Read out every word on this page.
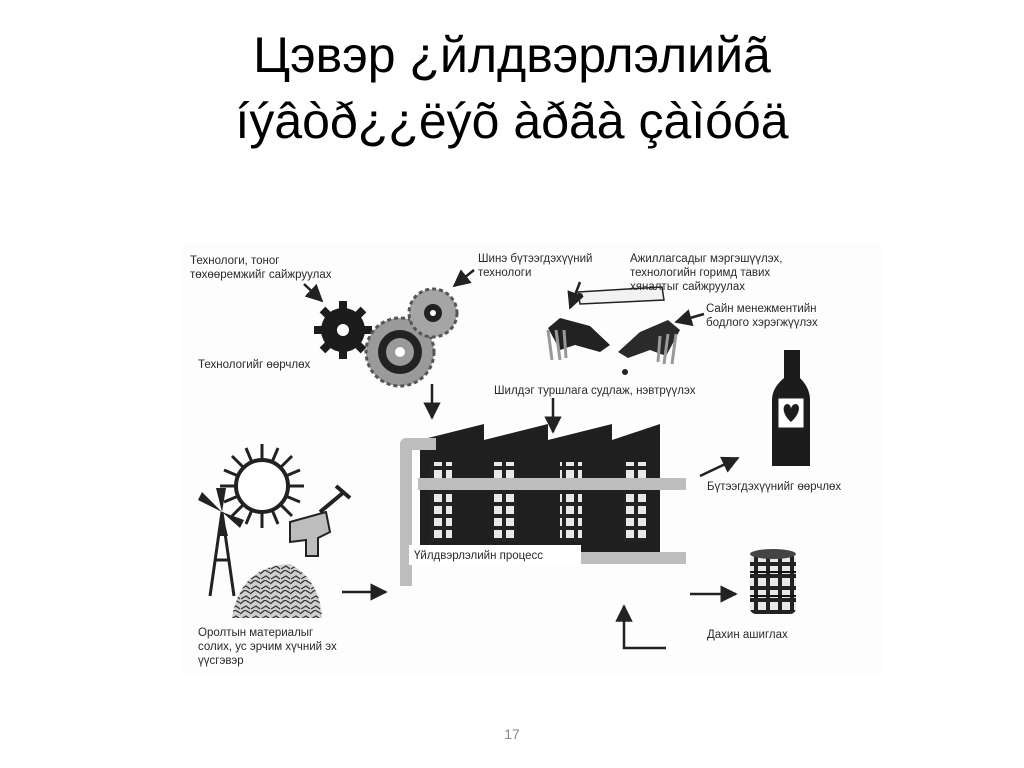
Цэвэр ¿йлдвэрлэлийã
íýâòð¿¿ëýõ àðãà çàìóóä
Технологи, тоног
төхөөремжийг сайжруулах
Технологийг өөрчлөх
Шинэ бүтээгдэхүүний
технологи
Ажиллагсадыг мэргэшүүлэх,
технологийн горимд тавих
хяналтыг сайжруулах
Сайн менежментийн
бодлого хэрэгжүүлэх
Шилдэг туршлага судлаж, нэвтрүүлэх
Бүтээгдэхүүнийг өөрчлөх
Үйлдвэрлэлийн процесс
Оролтын материалыг
солих, ус эрчим хүчний эх
үүсгэвэр
Дахин ашиглах
17
